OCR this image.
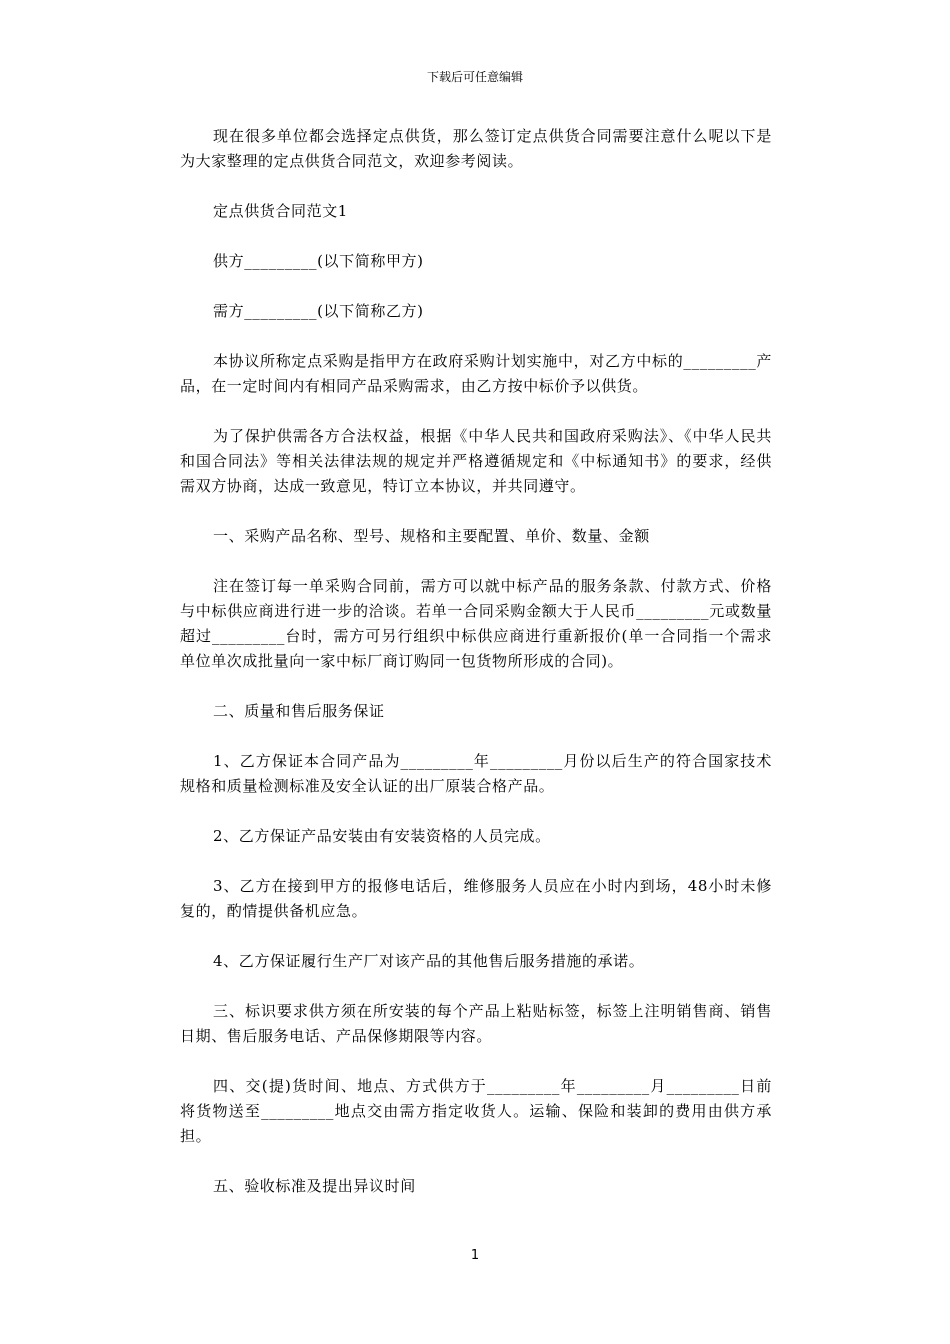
下载后可任意编辑

现在很多单位都会选择定点供货，那么签订定点供货合同需要注意什么呢以下是为大家整理的定点供货合同范文，欢迎参考阅读。

定点供货合同范文1

供方_________(以下简称甲方)

需方_________(以下简称乙方)

本协议所称定点采购是指甲方在政府采购计划实施中，对乙方中标的_________产品，在一定时间内有相同产品采购需求，由乙方按中标价予以供货。

为了保护供需各方合法权益，根据《中华人民共和国政府采购法》、《中华人民共和国合同法》等相关法律法规的规定并严格遵循规定和《中标通知书》的要求，经供需双方协商，达成一致意见，特订立本协议，并共同遵守。

一、采购产品名称、型号、规格和主要配置、单价、数量、金额

注在签订每一单采购合同前，需方可以就中标产品的服务条款、付款方式、价格与中标供应商进行进一步的洽谈。若单一合同采购金额大于人民币_________元或数量超过_________台时，需方可另行组织中标供应商进行重新报价(单一合同指一个需求单位单次成批量向一家中标厂商订购同一包货物所形成的合同)。

二、质量和售后服务保证

1、乙方保证本合同产品为_________年_________月份以后生产的符合国家技术规格和质量检测标准及安全认证的出厂原装合格产品。

2、乙方保证产品安装由有安装资格的人员完成。

3、乙方在接到甲方的报修电话后，维修服务人员应在小时内到场，48小时未修复的，酌情提供备机应急。

4、乙方保证履行生产厂对该产品的其他售后服务措施的承诺。

三、标识要求供方须在所安装的每个产品上粘贴标签，标签上注明销售商、销售日期、售后服务电话、产品保修期限等内容。

四、交(提)货时间、地点、方式供方于_________年_________月_________日前将货物送至_________地点交由需方指定收货人。运输、保险和装卸的费用由供方承担。

五、验收标准及提出异议时间

1
